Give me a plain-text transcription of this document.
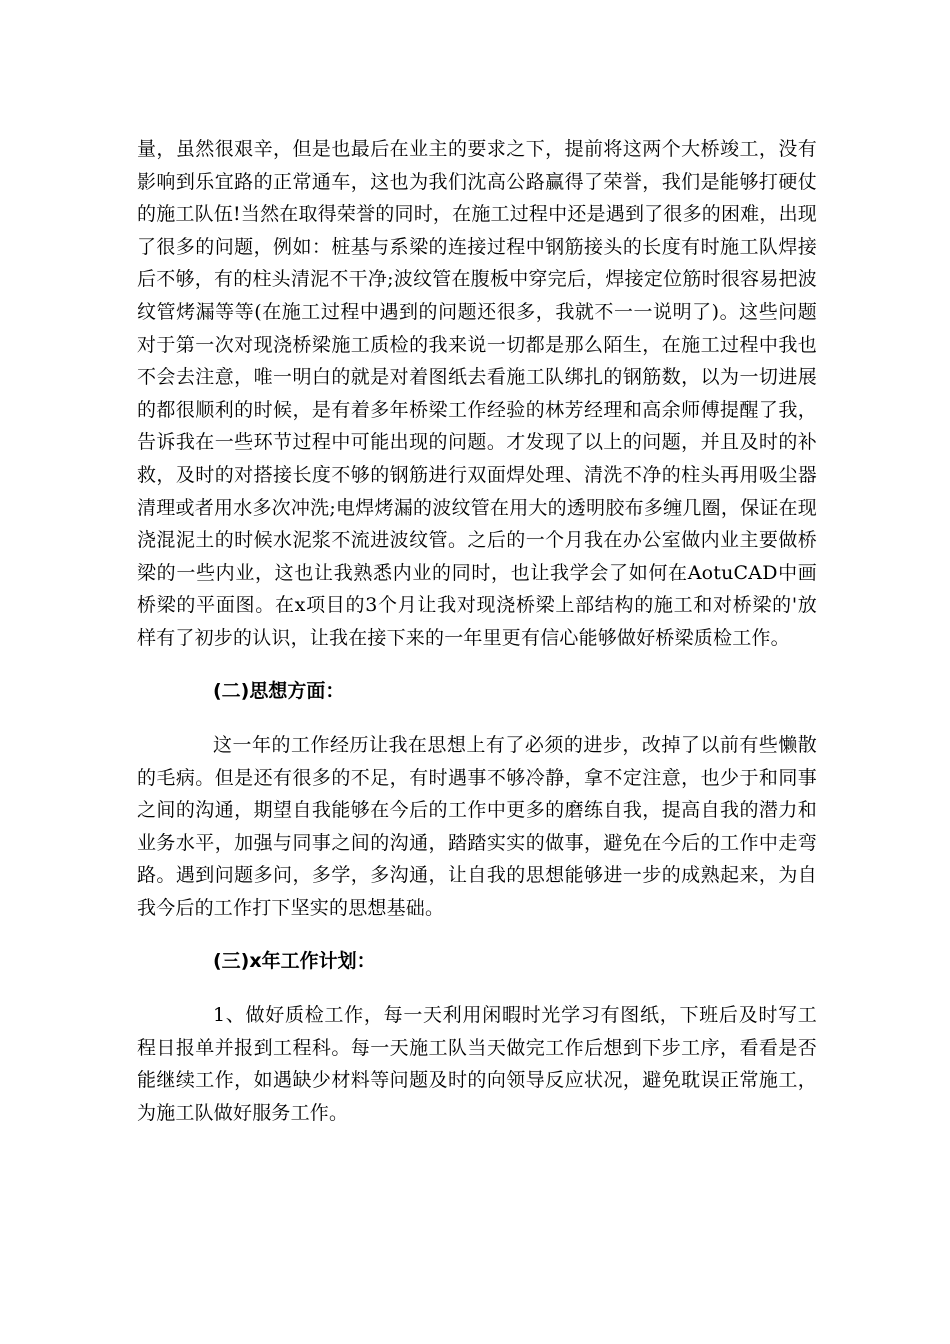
量，虽然很艰辛，但是也最后在业主的要求之下，提前将这两个大桥竣工，没有影响到乐宜路的正常通车，这也为我们沈高公路赢得了荣誉，我们是能够打硬仗的施工队伍!当然在取得荣誉的同时，在施工过程中还是遇到了很多的困难，出现了很多的问题，例如：桩基与系梁的连接过程中钢筋接头的长度有时施工队焊接后不够，有的柱头清泥不干净;波纹管在腹板中穿完后，焊接定位筋时很容易把波纹管烤漏等等(在施工过程中遇到的问题还很多，我就不一一说明了)。这些问题对于第一次对现浇桥梁施工质检的我来说一切都是那么陌生，在施工过程中我也不会去注意，唯一明白的就是对着图纸去看施工队绑扎的钢筋数，以为一切进展的都很顺利的时候，是有着多年桥梁工作经验的林芳经理和高余师傅提醒了我，告诉我在一些环节过程中可能出现的问题。才发现了以上的问题，并且及时的补救，及时的对搭接长度不够的钢筋进行双面焊处理、清洗不净的柱头再用吸尘器清理或者用水多次冲洗;电焊烤漏的波纹管在用大的透明胶布多缠几圈，保证在现浇混泥土的时候水泥浆不流进波纹管。之后的一个月我在办公室做内业主要做桥梁的一些内业，这也让我熟悉内业的同时，也让我学会了如何在AotuCAD中画桥梁的平面图。在x项目的3个月让我对现浇桥梁上部结构的施工和对桥梁的'放样有了初步的认识，让我在接下来的一年里更有信心能够做好桥梁质检工作。

(二)思想方面：

这一年的工作经历让我在思想上有了必须的进步，改掉了以前有些懒散的毛病。但是还有很多的不足，有时遇事不够冷静，拿不定注意，也少于和同事之间的沟通，期望自我能够在今后的工作中更多的磨练自我，提高自我的潜力和业务水平，加强与同事之间的沟通，踏踏实实的做事，避免在今后的工作中走弯路。遇到问题多问，多学，多沟通，让自我的思想能够进一步的成熟起来，为自我今后的工作打下坚实的思想基础。

(三)x年工作计划：

1、做好质检工作，每一天利用闲暇时光学习有图纸，下班后及时写工程日报单并报到工程科。每一天施工队当天做完工作后想到下步工序，看看是否能继续工作，如遇缺少材料等问题及时的向领导反应状况，避免耽误正常施工，为施工队做好服务工作。
